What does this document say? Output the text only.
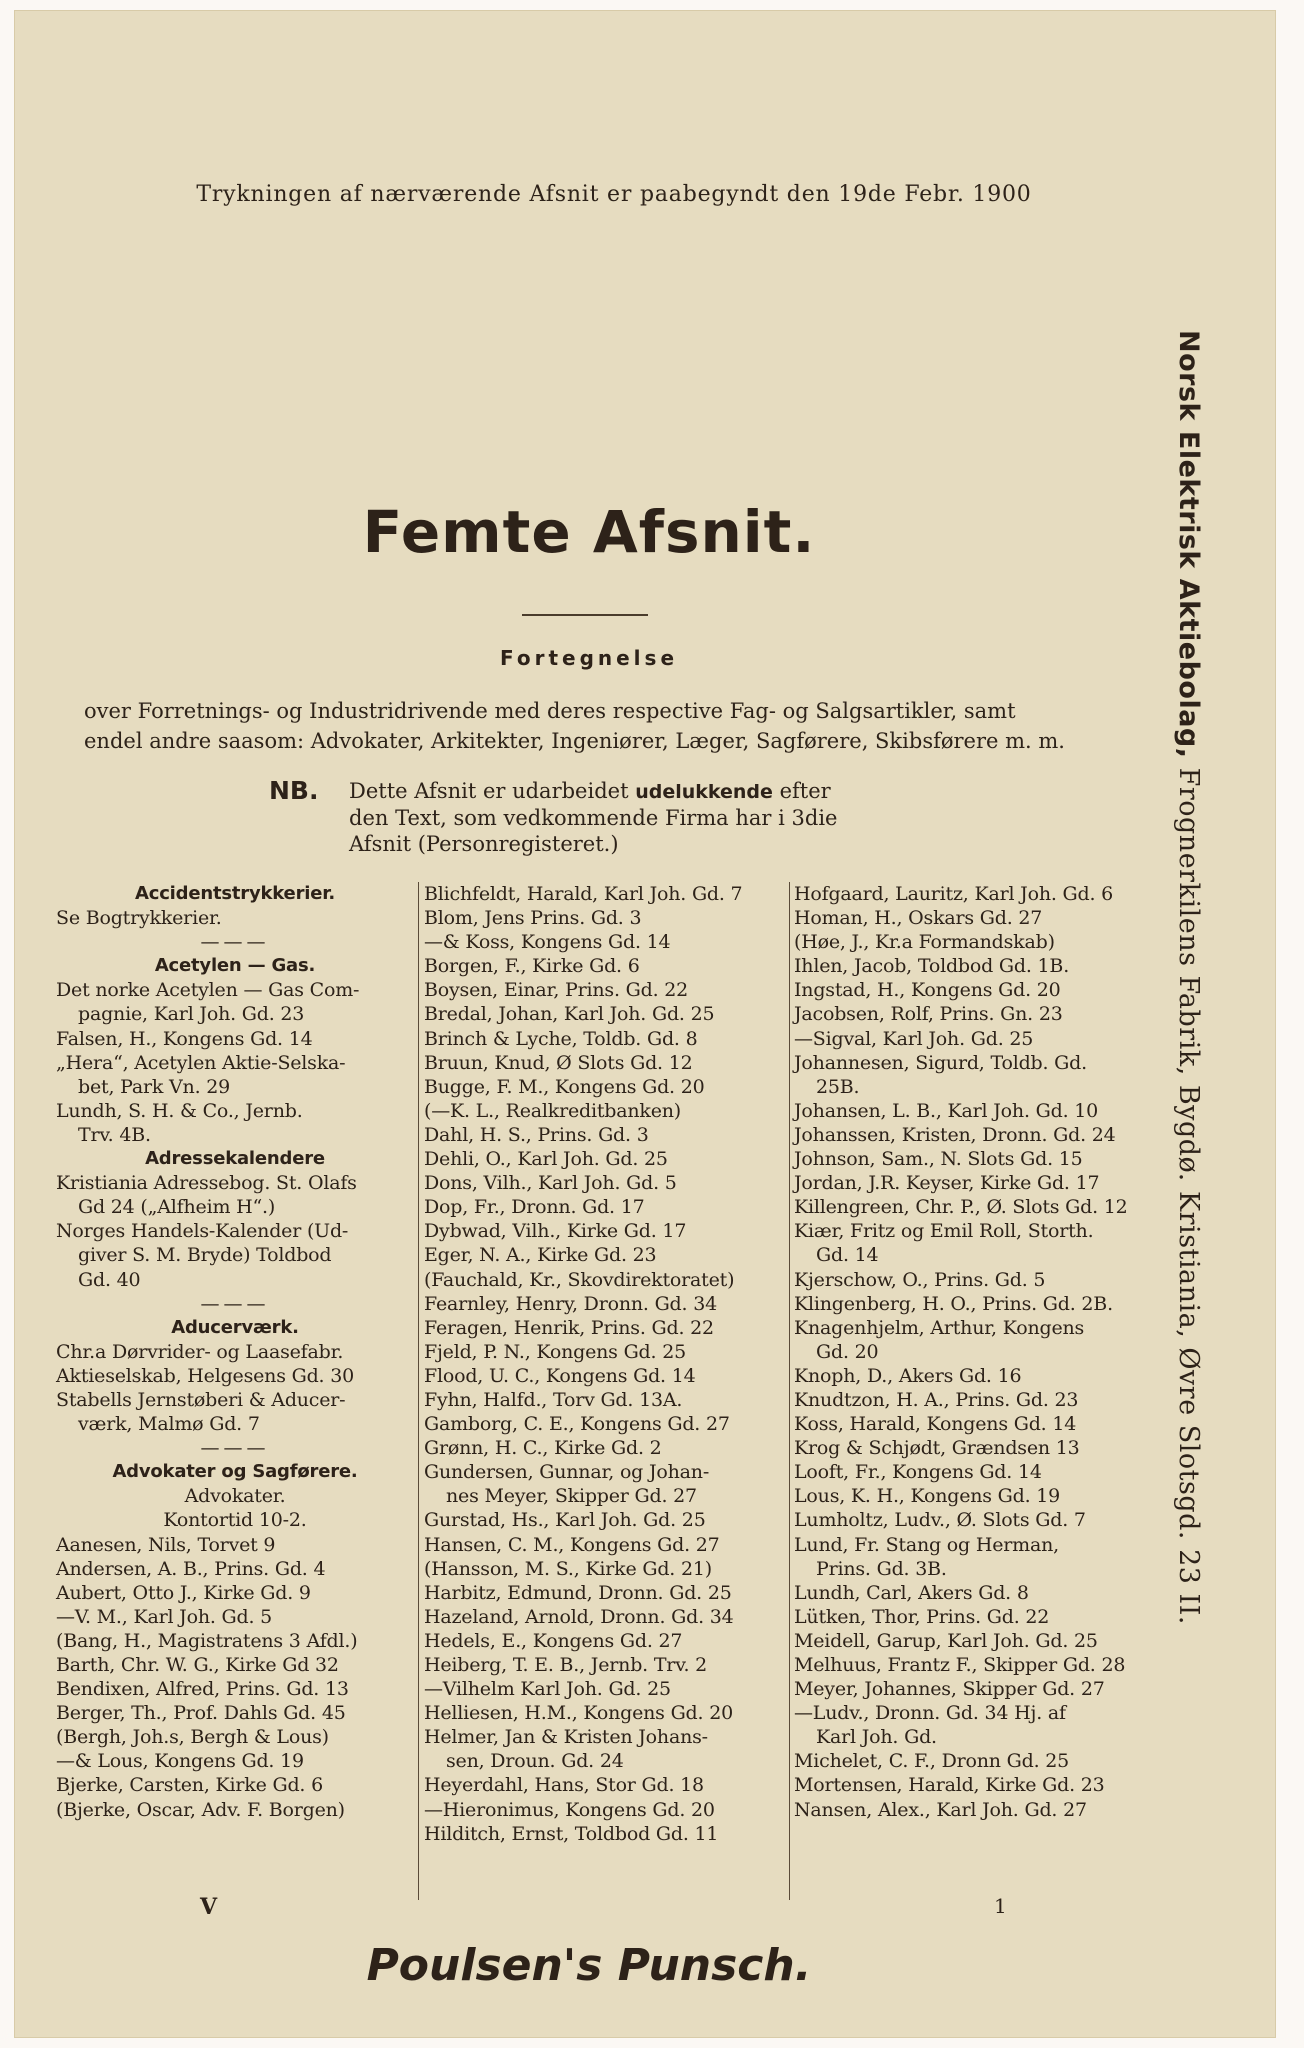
Trykningen af nærværende Afsnit er paabegyndt den 19de Febr. 1900
Femte Afsnit.
Fortegnelse

over Forretnings- og Industridrivende med deres respective Fag- og Salgsartikler, samt

endel andre saasom: Advokater, Arkitekter, Ingeniører, Læger, Sagførere, Skibsførere m. m.

NB. Dette Afsnit er udarbeidet udelukkende efter
den Text, som vedkommende Firma har i 3die
Afsnit (Personregisteret.)
Norsk Elektrisk Aktiebolag, Frognerkilens Fabrik, Bygdø. Kristiania, Øvre Slotsgd. 23 II.
Accidentstrykkerier.
Se Bogtrykkerier.
———
Acetylen — Gas.
Det norke Acetylen — Gas Com-
pagnie, Karl Joh. Gd. 23
Falsen, H., Kongens Gd. 14
„Hera“, Acetylen Aktie-Selska-
bet, Park Vn. 29
Lundh, S. H. & Co., Jernb.
Trv. 4B.
Adressekalendere
Kristiania Adressebog. St. Olafs
Gd 24 („Alfheim H“.)
Norges Handels-Kalender (Ud-
giver S. M. Bryde) Toldbod
Gd. 40
———
Aducerværk.
Chr.a Dørvrider- og Laasefabr.
Aktieselskab, Helgesens Gd. 30
Stabells Jernstøberi & Aducer-
værk, Malmø Gd. 7
———
Advokater og Sagførere.
Advokater.
Kontortid 10-2.
Aanesen, Nils, Torvet 9
Andersen, A. B., Prins. Gd. 4
Aubert, Otto J., Kirke Gd. 9
—V. M., Karl Joh. Gd. 5
(Bang, H., Magistratens 3 Afdl.)
Barth, Chr. W. G., Kirke Gd 32
Bendixen, Alfred, Prins. Gd. 13
Berger, Th., Prof. Dahls Gd. 45
(Bergh, Joh.s, Bergh & Lous)
—& Lous, Kongens Gd. 19
Bjerke, Carsten, Kirke Gd. 6
(Bjerke, Oscar, Adv. F. Borgen)
Blichfeldt, Harald, Karl Joh. Gd. 7
Blom, Jens Prins. Gd. 3
—& Koss, Kongens Gd. 14
Borgen, F., Kirke Gd. 6
Boysen, Einar, Prins. Gd. 22
Bredal, Johan, Karl Joh. Gd. 25
Brinch & Lyche, Toldb. Gd. 8
Bruun, Knud, Ø Slots Gd. 12
Bugge, F. M., Kongens Gd. 20
(—K. L., Realkreditbanken)
Dahl, H. S., Prins. Gd. 3
Dehli, O., Karl Joh. Gd. 25
Dons, Vilh., Karl Joh. Gd. 5
Dop, Fr., Dronn. Gd. 17
Dybwad, Vilh., Kirke Gd. 17
Eger, N. A., Kirke Gd. 23
(Fauchald, Kr., Skovdirektoratet)
Fearnley, Henry, Dronn. Gd. 34
Feragen, Henrik, Prins. Gd. 22
Fjeld, P. N., Kongens Gd. 25
Flood, U. C., Kongens Gd. 14
Fyhn, Halfd., Torv Gd. 13A.
Gamborg, C. E., Kongens Gd. 27
Grønn, H. C., Kirke Gd. 2
Gundersen, Gunnar, og Johan-
nes Meyer, Skipper Gd. 27
Gurstad, Hs., Karl Joh. Gd. 25
Hansen, C. M., Kongens Gd. 27
(Hansson, M. S., Kirke Gd. 21)
Harbitz, Edmund, Dronn. Gd. 25
Hazeland, Arnold, Dronn. Gd. 34
Hedels, E., Kongens Gd. 27
Heiberg, T. E. B., Jernb. Trv. 2
—Vilhelm Karl Joh. Gd. 25
Helliesen, H.M., Kongens Gd. 20
Helmer, Jan & Kristen Johans-
sen, Droun. Gd. 24
Heyerdahl, Hans, Stor Gd. 18
—Hieronimus, Kongens Gd. 20
Hilditch, Ernst, Toldbod Gd. 11
Hofgaard, Lauritz, Karl Joh. Gd. 6
Homan, H., Oskars Gd. 27
(Høe, J., Kr.a Formandskab)
Ihlen, Jacob, Toldbod Gd. 1B.
Ingstad, H., Kongens Gd. 20
Jacobsen, Rolf, Prins. Gn. 23
—Sigval, Karl Joh. Gd. 25
Johannesen, Sigurd, Toldb. Gd.
25B.
Johansen, L. B., Karl Joh. Gd. 10
Johanssen, Kristen, Dronn. Gd. 24
Johnson, Sam., N. Slots Gd. 15
Jordan, J.R. Keyser, Kirke Gd. 17
Killengreen, Chr. P., Ø. Slots Gd. 12
Kiær, Fritz og Emil Roll, Storth.
Gd. 14
Kjerschow, O., Prins. Gd. 5
Klingenberg, H. O., Prins. Gd. 2B.
Knagenhjelm, Arthur, Kongens
Gd. 20
Knoph, D., Akers Gd. 16
Knudtzon, H. A., Prins. Gd. 23
Koss, Harald, Kongens Gd. 14
Krog & Schjødt, Grændsen 13
Looft, Fr., Kongens Gd. 14
Lous, K. H., Kongens Gd. 19
Lumholtz, Ludv., Ø. Slots Gd. 7
Lund, Fr. Stang og Herman,
Prins. Gd. 3B.
Lundh, Carl, Akers Gd. 8
Lütken, Thor, Prins. Gd. 22
Meidell, Garup, Karl Joh. Gd. 25
Melhuus, Frantz F., Skipper Gd. 28
Meyer, Johannes, Skipper Gd. 27
—Ludv., Dronn. Gd. 34 Hj. af
Karl Joh. Gd.
Michelet, C. F., Dronn Gd. 25
Mortensen, Harald, Kirke Gd. 23
Nansen, Alex., Karl Joh. Gd. 27
V	1
Poulsen's Punsch.
